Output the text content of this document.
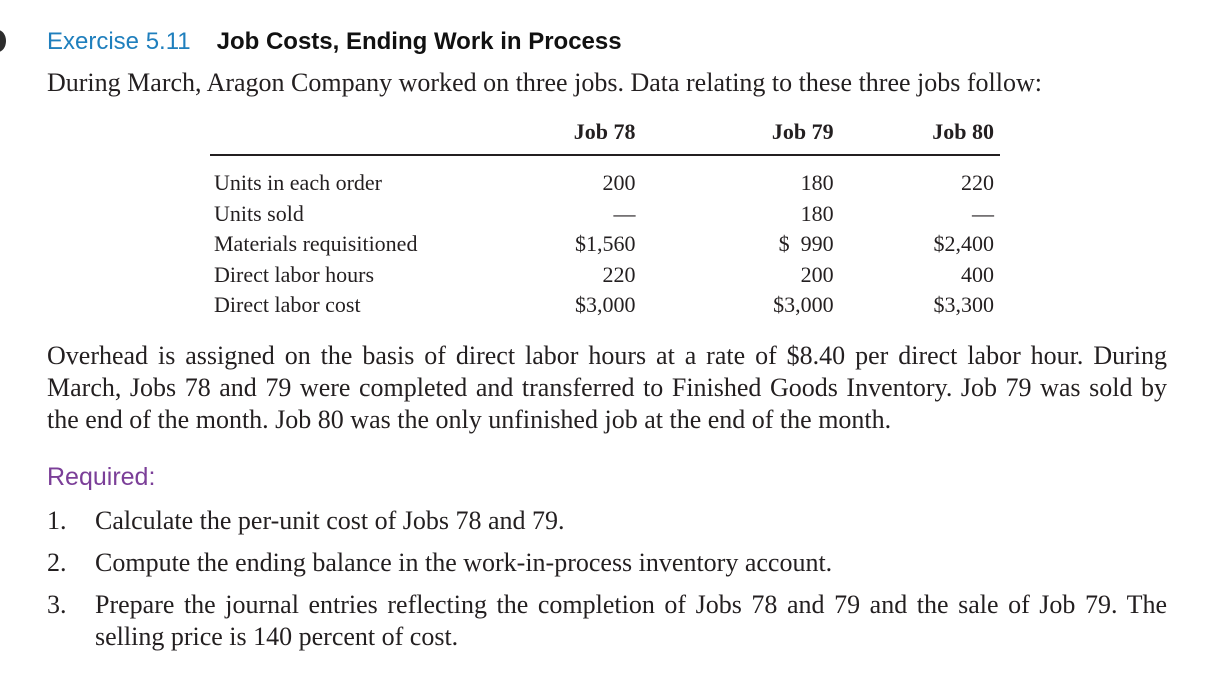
Exercise 5.11 Job Costs, Ending Work in Process
During March, Aragon Company worked on three jobs. Data relating to these three jobs follow:
	Job 78	Job 79	Job 80
Units in each order	200	180	220
Units sold	—	180	—
Materials requisitioned	$1,560	$  990	$2,400
Direct labor hours	220	200	400
Direct labor cost	$3,000	$3,000	$3,300
Overhead is assigned on the basis of direct labor hours at a rate of $8.40 per direct labor hour. During March, Jobs 78 and 79 were completed and transferred to Finished Goods Inventory. Job 79 was sold by the end of the month. Job 80 was the only unfinished job at the end of the month.
Required:
1.	Calculate the per-unit cost of Jobs 78 and 79.
2.	Compute the ending balance in the work-in-process inventory account.
3.	Prepare the journal entries reflecting the completion of Jobs 78 and 79 and the sale of Job 79. The selling price is 140 percent of cost.
